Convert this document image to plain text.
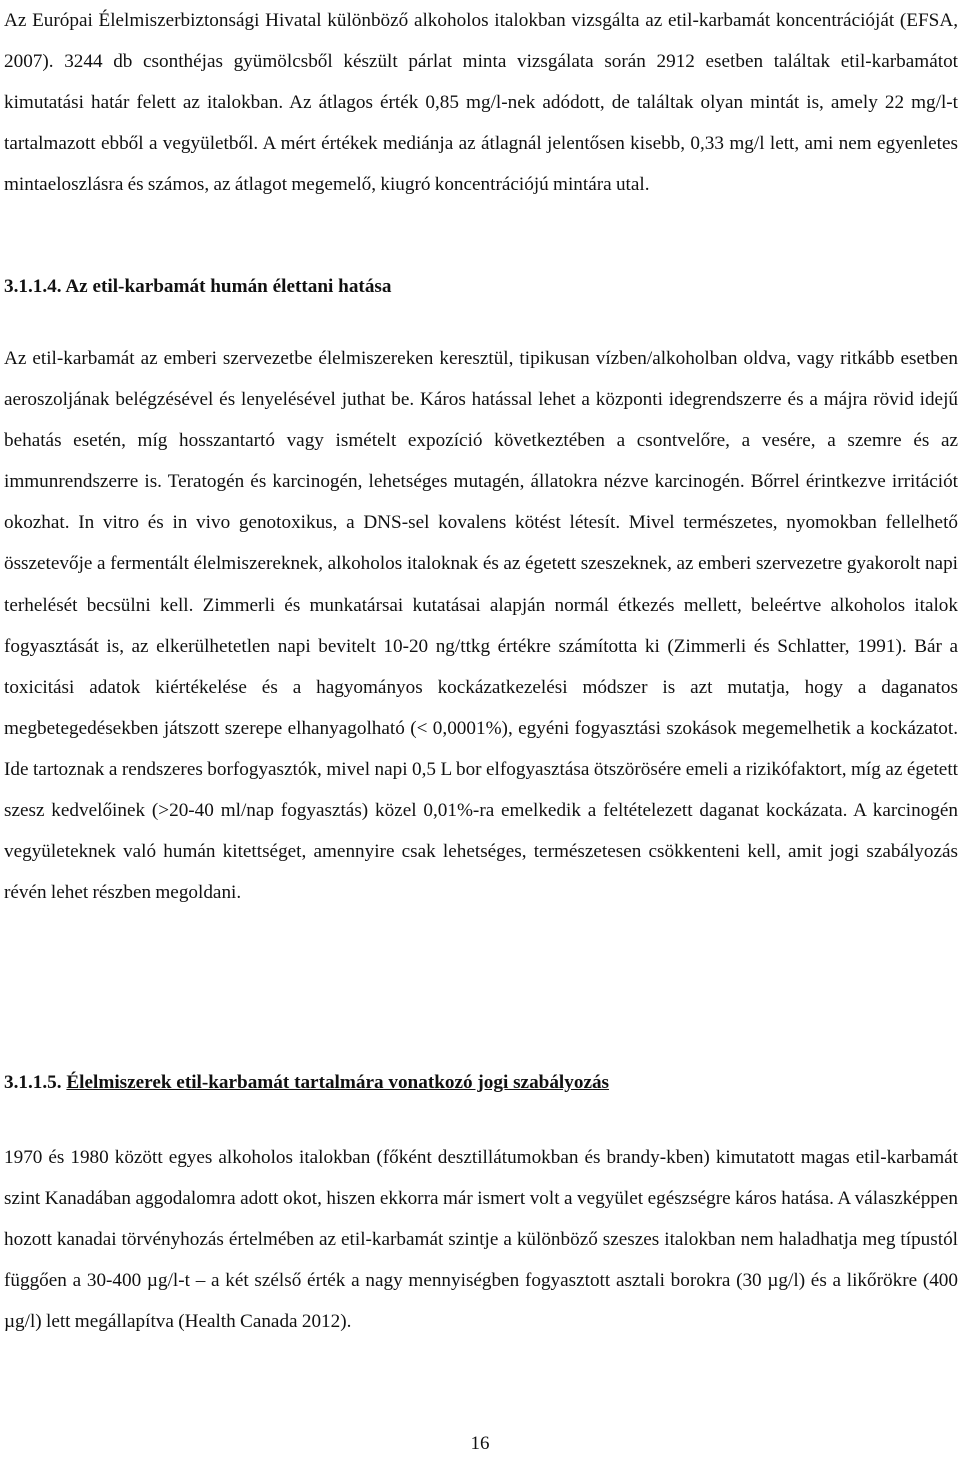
Az Európai Élelmiszerbiztonsági Hivatal különböző alkoholos italokban vizsgálta az etil-karbamát koncentrációját (EFSA, 2007). 3244 db csonthéjas gyümölcsből készült párlat minta vizsgálata során 2912 esetben találtak etil-karbamátot kimutatási határ felett az italokban. Az átlagos érték 0,85 mg/l-nek adódott, de találtak olyan mintát is, amely 22 mg/l-t tartalmazott ebből a vegyületből. A mért értékek mediánja az átlagnál jelentősen kisebb, 0,33 mg/l lett, ami nem egyenletes mintaeloszlásra és számos, az átlagot megemelő, kiugró koncentrációjú mintára utal.

3.1.1.4. Az etil-karbamát humán élettani hatása

Az etil-karbamát az emberi szervezetbe élelmiszereken keresztül, tipikusan vízben/alkoholban oldva, vagy ritkább esetben aeroszoljának belégzésével és lenyelésével juthat be. Káros hatással lehet a központi idegrendszerre és a májra rövid idejű behatás esetén, míg hosszantartó vagy ismételt expozíció következtében a csontvelőre, a vesére, a szemre és az immunrendszerre is. Teratogén és karcinogén, lehetséges mutagén, állatokra nézve karcinogén. Bőrrel érintkezve irritációt okozhat. In vitro és in vivo genotoxikus, a DNS-sel kovalens kötést létesít. Mivel természetes, nyomokban fellelhető összetevője a fermentált élelmiszereknek, alkoholos italoknak és az égetett szeszeknek, az emberi szervezetre gyakorolt napi terhelését becsülni kell. Zimmerli és munkatársai kutatásai alapján normál étkezés mellett, beleértve alkoholos italok fogyasztását is, az elkerülhetetlen napi bevitelt 10-20 ng/ttkg értékre számította ki (Zimmerli és Schlatter, 1991). Bár a toxicitási adatok kiértékelése és a hagyományos kockázatkezelési módszer is azt mutatja, hogy a daganatos megbetegedésekben játszott szerepe elhanyagolható (< 0,0001%), egyéni fogyasztási szokások megemelhetik a kockázatot. Ide tartoznak a rendszeres borfogyasztók, mivel napi 0,5 L bor elfogyasztása ötszörösére emeli a rizikófaktort, míg az égetett szesz kedvelőinek (>20-40 ml/nap fogyasztás) közel 0,01%-ra emelkedik a feltételezett daganat kockázata. A karcinogén vegyületeknek való humán kitettséget, amennyire csak lehetséges, természetesen csökkenteni kell, amit jogi szabályozás révén lehet részben megoldani.

3.1.1.5. Élelmiszerek etil-karbamát tartalmára vonatkozó jogi szabályozás

1970 és 1980 között egyes alkoholos italokban (főként desztillátumokban és brandy-kben) kimutatott magas etil-karbamát szint Kanadában aggodalomra adott okot, hiszen ekkorra már ismert volt a vegyület egészségre káros hatása. A válaszképpen hozott kanadai törvényhozás értelmében az etil-karbamát szintje a különböző szeszes italokban nem haladhatja meg típustól függően a 30-400 µg/l-t – a két szélső érték a nagy mennyiségben fogyasztott asztali borokra (30 µg/l) és a likőrökre (400 µg/l) lett megállapítva (Health Canada 2012).

16
